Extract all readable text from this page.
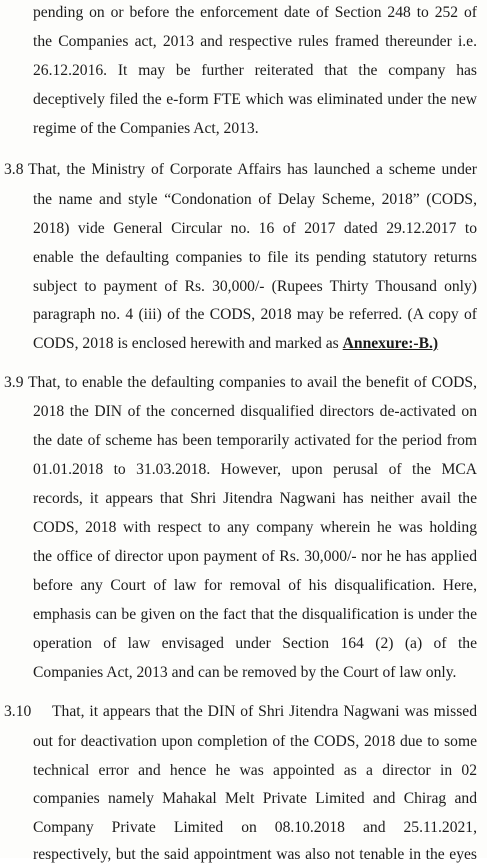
pending on or before the enforcement date of Section 248 to 252 of
the Companies act, 2013 and respective rules framed thereunder i.e.
26.12.2016. It may be further reiterated that the company has
deceptively filed the e-form FTE which was eliminated under the new
regime of the Companies Act, 2013.
3.8 That, the Ministry of Corporate Affairs has launched a scheme under
the name and style “Condonation of Delay Scheme, 2018” (CODS,
2018) vide General Circular no. 16 of 2017 dated 29.12.2017 to
enable the defaulting companies to file its pending statutory returns
subject to payment of Rs. 30,000/- (Rupees Thirty Thousand only)
paragraph no. 4 (iii) of the CODS, 2018 may be referred. (A copy of
CODS, 2018 is enclosed herewith and marked as Annexure:-B.)
3.9 That, to enable the defaulting companies to avail the benefit of CODS,
2018 the DIN of the concerned disqualified directors de-activated on
the date of scheme has been temporarily activated for the period from
01.01.2018 to 31.03.2018. However, upon perusal of the MCA
records, it appears that Shri Jitendra Nagwani has neither avail the
CODS, 2018 with respect to any company wherein he was holding
the office of director upon payment of Rs. 30,000/- nor he has applied
before any Court of law for removal of his disqualification. Here,
emphasis can be given on the fact that the disqualification is under the
operation of law envisaged under Section 164 (2) (a) of the
Companies Act, 2013 and can be removed by the Court of law only.
3.10 That, it appears that the DIN of Shri Jitendra Nagwani was missed
out for deactivation upon completion of the CODS, 2018 due to some
technical error and hence he was appointed as a director in 02
companies namely Mahakal Melt Private Limited and Chirag and
Company Private Limited on 08.10.2018 and 25.11.2021,
respectively, but the said appointment was also not tenable in the eyes
